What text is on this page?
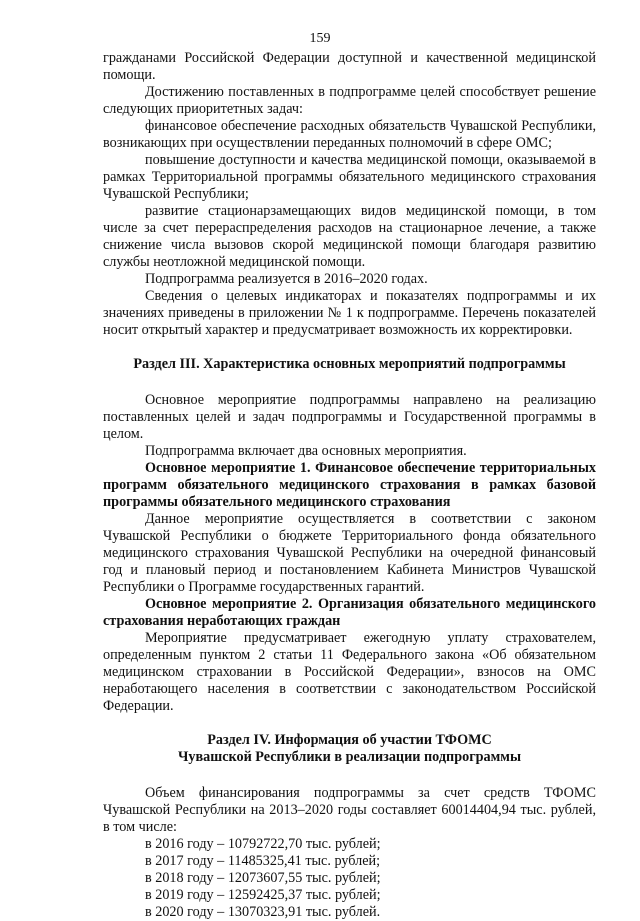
159

гражданами Российской Федерации доступной и качественной медицинской помощи.

Достижению поставленных в подпрограмме целей способствует решение следующих приоритетных задач:

финансовое обеспечение расходных обязательств Чувашской Республики, возникающих при осуществлении переданных полномочий в сфере ОМС;

повышение доступности и качества медицинской помощи, оказываемой в рамках Территориальной программы обязательного медицинского страхования Чувашской Республики;

развитие стационарзамещающих видов медицинской помощи, в том числе за счет перераспределения расходов на стационарное лечение, а также снижение числа вызовов скорой медицинской помощи благодаря развитию службы неотложной медицинской помощи.

Подпрограмма реализуется в 2016–2020 годах.

Сведения о целевых индикаторах и показателях подпрограммы и их значениях приведены в приложении № 1 к подпрограмме. Перечень показателей носит открытый характер и предусматривает возможность их корректировки.

Раздел III. Характеристика основных мероприятий подпрограммы

Основное мероприятие подпрограммы направлено на реализацию поставленных целей и задач подпрограммы и Государственной программы в целом.

Подпрограмма включает два основных мероприятия.

Основное мероприятие 1. Финансовое обеспечение территориальных программ обязательного медицинского страхования в рамках базовой программы обязательного медицинского страхования

Данное мероприятие осуществляется в соответствии с законом Чувашской Республики о бюджете Территориального фонда обязательного медицинского страхования Чувашской Республики на очередной финансовый год и плановый период и постановлением Кабинета Министров Чувашской Республики о Программе государственных гарантий.

Основное мероприятие 2. Организация обязательного медицинского страхования неработающих граждан

Мероприятие предусматривает ежегодную уплату страхователем, определенным пунктом 2 статьи 11 Федерального закона «Об обязательном медицинском страховании в Российской Федерации», взносов на ОМС неработающего населения в соответствии с законодательством Российской Федерации.

Раздел IV. Информация об участии ТФОМС

Чувашской Республики в реализации подпрограммы

Объем финансирования подпрограммы за счет средств ТФОМС Чувашской Республики на 2013–2020 годы составляет 60014404,94 тыс. рублей, в том числе:

в 2016 году – 10792722,70 тыс. рублей;

в 2017 году – 11485325,41 тыс. рублей;

в 2018 году – 12073607,55 тыс. рублей;

в 2019 году – 12592425,37 тыс. рублей;

в 2020 году – 13070323,91 тыс. рублей.
